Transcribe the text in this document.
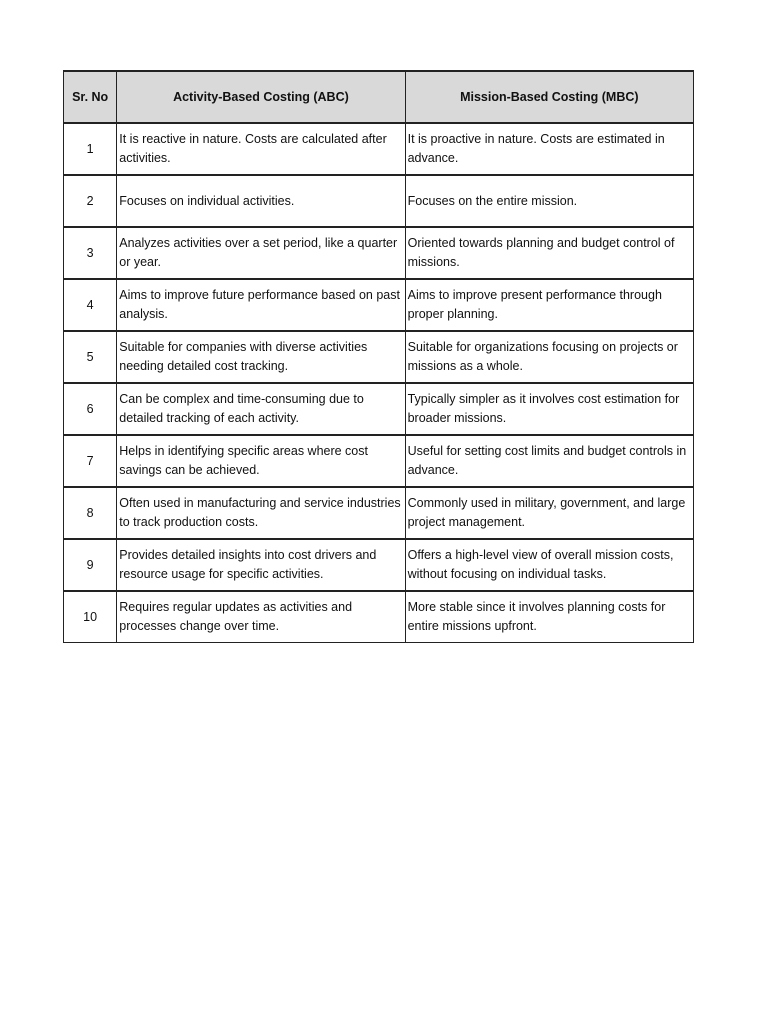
Sr. No	Activity-Based Costing (ABC)	Mission-Based Costing (MBC)
1	It is reactive in nature. Costs are calculated after activities.	It is proactive in nature. Costs are estimated in advance.
2	Focuses on individual activities.	Focuses on the entire mission.
3	Analyzes activities over a set period, like a quarter or year.	Oriented towards planning and budget control of missions.
4	Aims to improve future performance based on past analysis.	Aims to improve present performance through proper planning.
5	Suitable for companies with diverse activities needing detailed cost tracking.	Suitable for organizations focusing on projects or missions as a whole.
6	Can be complex and time-consuming due to detailed tracking of each activity.	Typically simpler as it involves cost estimation for broader missions.
7	Helps in identifying specific areas where cost savings can be achieved.	Useful for setting cost limits and budget controls in advance.
8	Often used in manufacturing and service industries to track production costs.	Commonly used in military, government, and large project management.
9	Provides detailed insights into cost drivers and resource usage for specific activities.	Offers a high-level view of overall mission costs, without focusing on individual tasks.
10	Requires regular updates as activities and processes change over time.	More stable since it involves planning costs for entire missions upfront.
